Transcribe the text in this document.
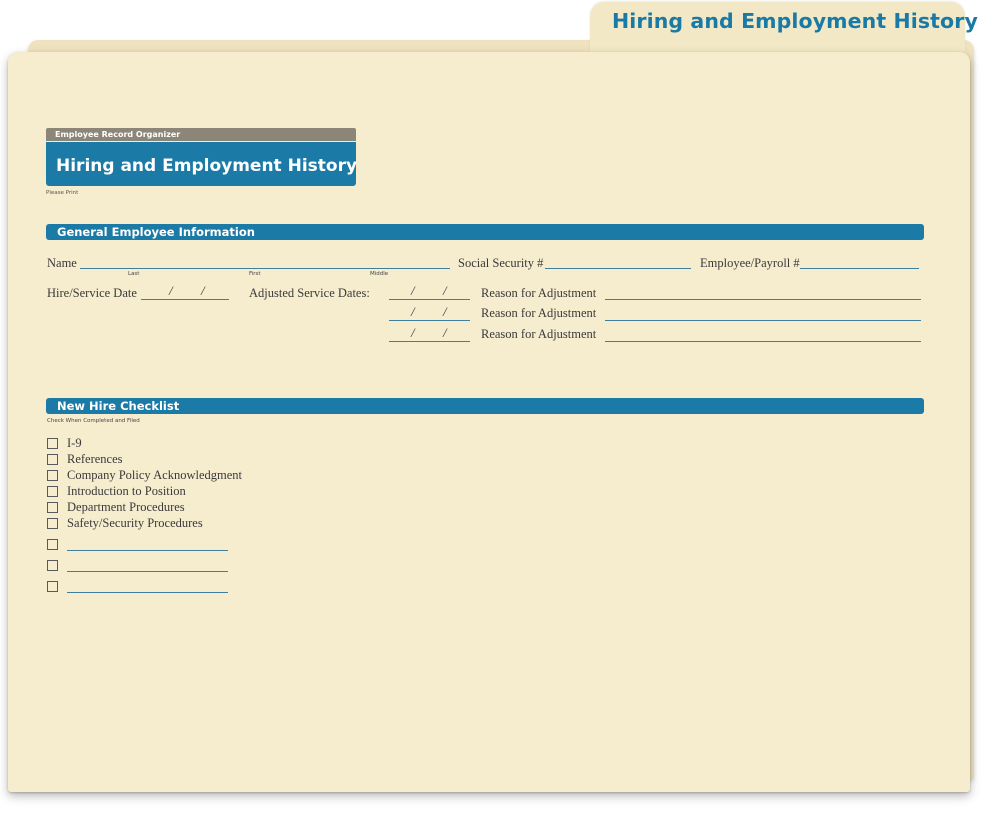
Hiring and Employment History
Employee Record Organizer
Hiring and Employment History
Please Print
General Employee Information
Name
Last	First	Middle
Social Security #	Employee/Payroll #
Hire/Service Date / /	Adjusted Service Dates:	/ /	Reason for Adjustment
/ /	Reason for Adjustment
/ /	Reason for Adjustment
New Hire Checklist
Check When Completed and Filed
I-9
References
Company Policy Acknowledgment
Introduction to Position
Department Procedures
Safety/Security Procedures
